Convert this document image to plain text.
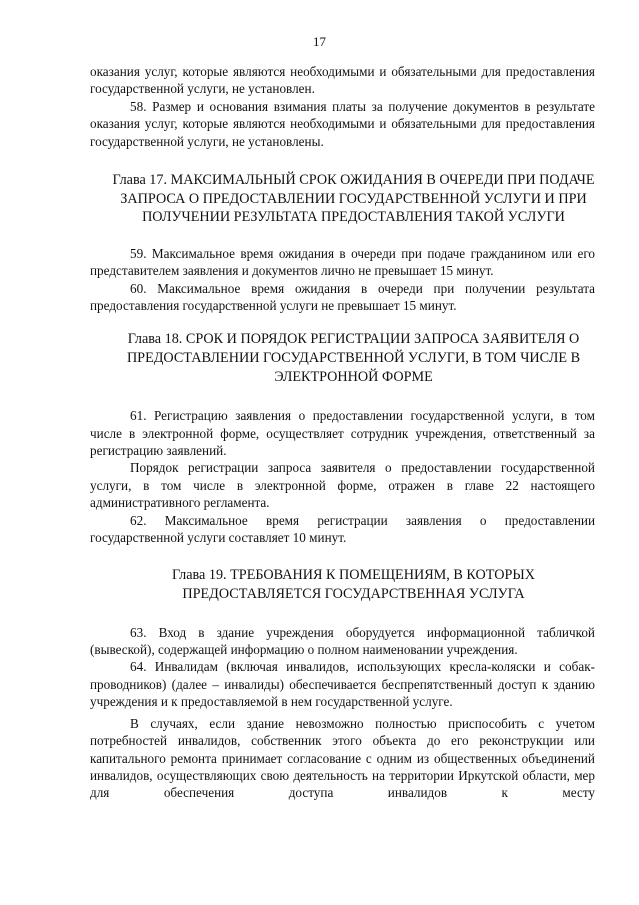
17

оказания услуг, которые являются необходимыми и обязательными для предоставления государственной услуги, не установлен.

58. Размер и основания взимания платы за получение документов в результате оказания услуг, которые являются необходимыми и обязательными для предоставления государственной услуги, не установлены.

Глава 17. МАКСИМАЛЬНЫЙ СРОК ОЖИДАНИЯ В ОЧЕРЕДИ ПРИ ПОДАЧЕ ЗАПРОСА О ПРЕДОСТАВЛЕНИИ ГОСУДАРСТВЕННОЙ УСЛУГИ И ПРИ ПОЛУЧЕНИИ РЕЗУЛЬТАТА ПРЕДОСТАВЛЕНИЯ ТАКОЙ УСЛУГИ

59. Максимальное время ожидания в очереди при подаче гражданином или его представителем заявления и документов лично не превышает 15 минут.

60. Максимальное время ожидания в очереди при получении результата предоставления государственной услуги не превышает 15 минут.

Глава 18. СРОК И ПОРЯДОК РЕГИСТРАЦИИ ЗАПРОСА ЗАЯВИТЕЛЯ О ПРЕДОСТАВЛЕНИИ ГОСУДАРСТВЕННОЙ УСЛУГИ, В ТОМ ЧИСЛЕ В ЭЛЕКТРОННОЙ ФОРМЕ

61. Регистрацию заявления о предоставлении государственной услуги, в том числе в электронной форме, осуществляет сотрудник учреждения, ответственный за регистрацию заявлений.

Порядок регистрации запроса заявителя о предоставлении государственной услуги, в том числе в электронной форме, отражен в главе 22 настоящего административного регламента.

62. Максимальное время регистрации заявления о предоставлении государственной услуги составляет 10 минут.

Глава 19. ТРЕБОВАНИЯ К ПОМЕЩЕНИЯМ, В КОТОРЫХ ПРЕДОСТАВЛЯЕТСЯ ГОСУДАРСТВЕННАЯ УСЛУГА

63. Вход в здание учреждения оборудуется информационной табличкой (вывеской), содержащей информацию о полном наименовании учреждения.

64. Инвалидам (включая инвалидов, использующих кресла-коляски и собак-проводников) (далее – инвалиды) обеспечивается беспрепятственный доступ к зданию учреждения и к предоставляемой в нем государственной услуге.

В случаях, если здание невозможно полностью приспособить с учетом потребностей инвалидов, собственник этого объекта до его реконструкции или капитального ремонта принимает согласование с одним из общественных объединений инвалидов, осуществляющих свою деятельность на территории Иркутской области, мер для обеспечения доступа инвалидов к месту
